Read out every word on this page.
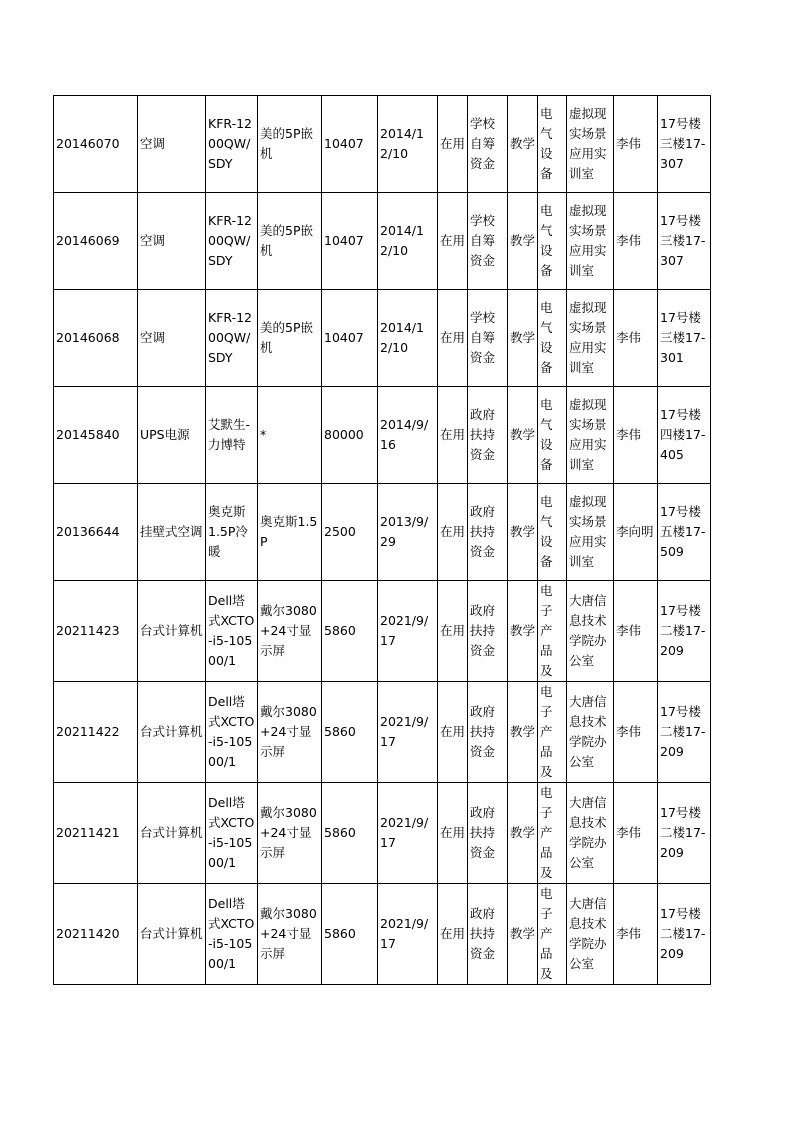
20146070	空调	KFR-1200QW/SDY	美的5P嵌机	10407	2014/12/10	在用	学校自筹资金	教学	电气设备	虚拟现实场景应用实训室	李伟	17号楼三楼17-307
20146069	空调	KFR-1200QW/SDY	美的5P嵌机	10407	2014/12/10	在用	学校自筹资金	教学	电气设备	虚拟现实场景应用实训室	李伟	17号楼三楼17-307
20146068	空调	KFR-1200QW/SDY	美的5P嵌机	10407	2014/12/10	在用	学校自筹资金	教学	电气设备	虚拟现实场景应用实训室	李伟	17号楼三楼17-301
20145840	UPS电源	艾默生-力博特	*	80000	2014/9/16	在用	政府扶持资金	教学	电气设备	虚拟现实场景应用实训室	李伟	17号楼四楼17-405
20136644	挂壁式空调	奥克斯1.5P冷暖	奥克斯1.5P	2500	2013/9/29	在用	政府扶持资金	教学	电气设备	虚拟现实场景应用实训室	李向明	17号楼五楼17-509
20211423	台式计算机	Dell塔式XCTO-i5-10500/1	戴尔3080+24寸显示屏	5860	2021/9/17	在用	政府扶持资金	教学	电子产品及	大唐信息技术学院办公室	李伟	17号楼二楼17-209
20211422	台式计算机	Dell塔式XCTO-i5-10500/1	戴尔3080+24寸显示屏	5860	2021/9/17	在用	政府扶持资金	教学	电子产品及	大唐信息技术学院办公室	李伟	17号楼二楼17-209
20211421	台式计算机	Dell塔式XCTO-i5-10500/1	戴尔3080+24寸显示屏	5860	2021/9/17	在用	政府扶持资金	教学	电子产品及	大唐信息技术学院办公室	李伟	17号楼二楼17-209
20211420	台式计算机	Dell塔式XCTO-i5-10500/1	戴尔3080+24寸显示屏	5860	2021/9/17	在用	政府扶持资金	教学	电子产品及	大唐信息技术学院办公室	李伟	17号楼二楼17-209
